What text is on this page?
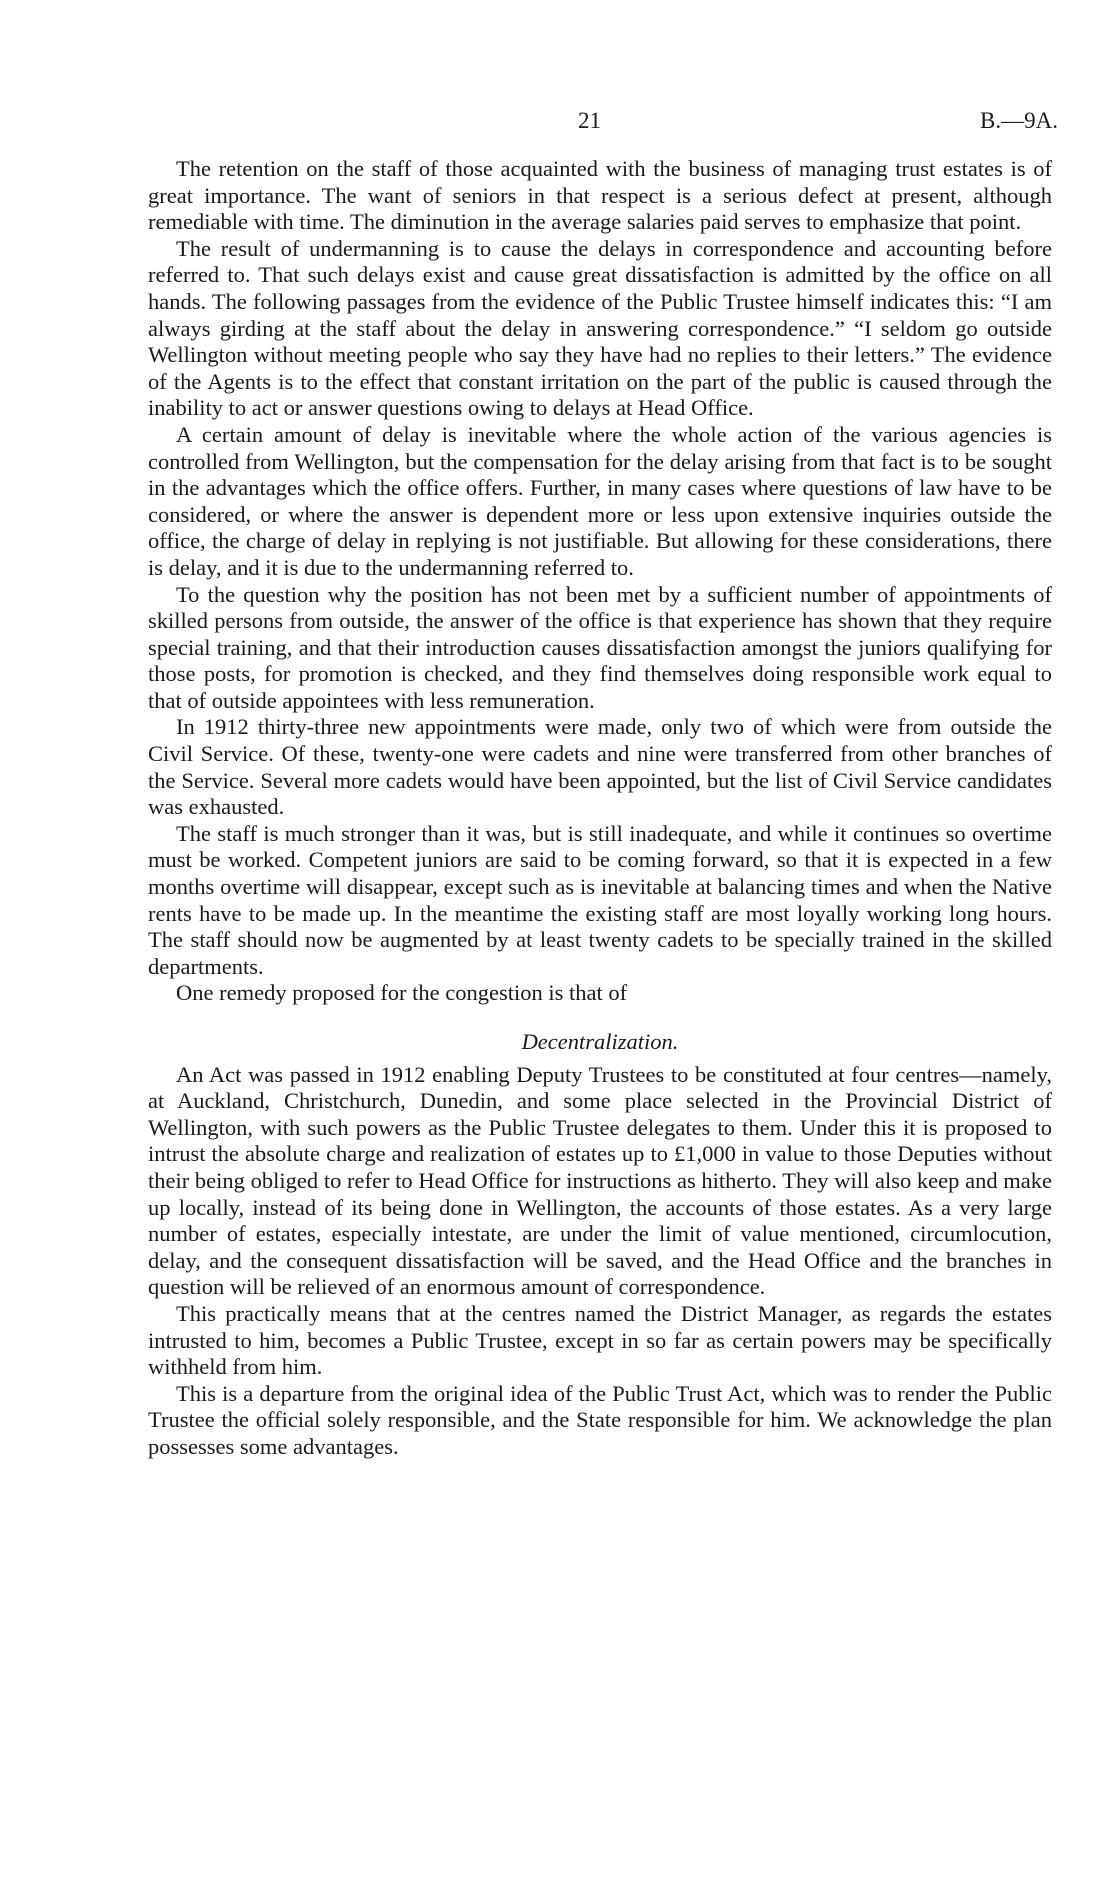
21	B.—9A.

The retention on the staff of those acquainted with the business of managing trust estates is of great importance. The want of seniors in that respect is a serious defect at present, although remediable with time. The diminution in the average salaries paid serves to emphasize that point.

The result of undermanning is to cause the delays in correspondence and accounting before referred to. That such delays exist and cause great dissatisfaction is admitted by the office on all hands. The following passages from the evidence of the Public Trustee himself indicates this: “I am always girding at the staff about the delay in answering correspondence.” “I seldom go outside Wellington without meeting people who say they have had no replies to their letters.” The evidence of the Agents is to the effect that constant irritation on the part of the public is caused through the inability to act or answer questions owing to delays at Head Office.

A certain amount of delay is inevitable where the whole action of the various agencies is controlled from Wellington, but the compensation for the delay arising from that fact is to be sought in the advantages which the office offers. Further, in many cases where questions of law have to be considered, or where the answer is dependent more or less upon extensive inquiries outside the office, the charge of delay in replying is not justifiable. But allowing for these considerations, there is delay, and it is due to the undermanning referred to.

To the question why the position has not been met by a sufficient number of appointments of skilled persons from outside, the answer of the office is that experience has shown that they require special training, and that their introduction causes dissatisfaction amongst the juniors qualifying for those posts, for promotion is checked, and they find themselves doing responsible work equal to that of outside appointees with less remuneration.

In 1912 thirty-three new appointments were made, only two of which were from outside the Civil Service. Of these, twenty-one were cadets and nine were transferred from other branches of the Service. Several more cadets would have been appointed, but the list of Civil Service candidates was exhausted.

The staff is much stronger than it was, but is still inadequate, and while it continues so overtime must be worked. Competent juniors are said to be coming forward, so that it is expected in a few months overtime will disappear, except such as is inevitable at balancing times and when the Native rents have to be made up. In the meantime the existing staff are most loyally working long hours. The staff should now be augmented by at least twenty cadets to be specially trained in the skilled departments.

One remedy proposed for the congestion is that of

Decentralization.

An Act was passed in 1912 enabling Deputy Trustees to be constituted at four centres—namely, at Auckland, Christchurch, Dunedin, and some place selected in the Provincial District of Wellington, with such powers as the Public Trustee delegates to them. Under this it is proposed to intrust the absolute charge and realization of estates up to £1,000 in value to those Deputies without their being obliged to refer to Head Office for instructions as hitherto. They will also keep and make up locally, instead of its being done in Wellington, the accounts of those estates. As a very large number of estates, especially intestate, are under the limit of value mentioned, circumlocution, delay, and the consequent dissatisfaction will be saved, and the Head Office and the branches in question will be relieved of an enormous amount of correspondence.

This practically means that at the centres named the District Manager, as regards the estates intrusted to him, becomes a Public Trustee, except in so far as certain powers may be specifically withheld from him.

This is a departure from the original idea of the Public Trust Act, which was to render the Public Trustee the official solely responsible, and the State responsible for him. We acknowledge the plan possesses some advantages.
